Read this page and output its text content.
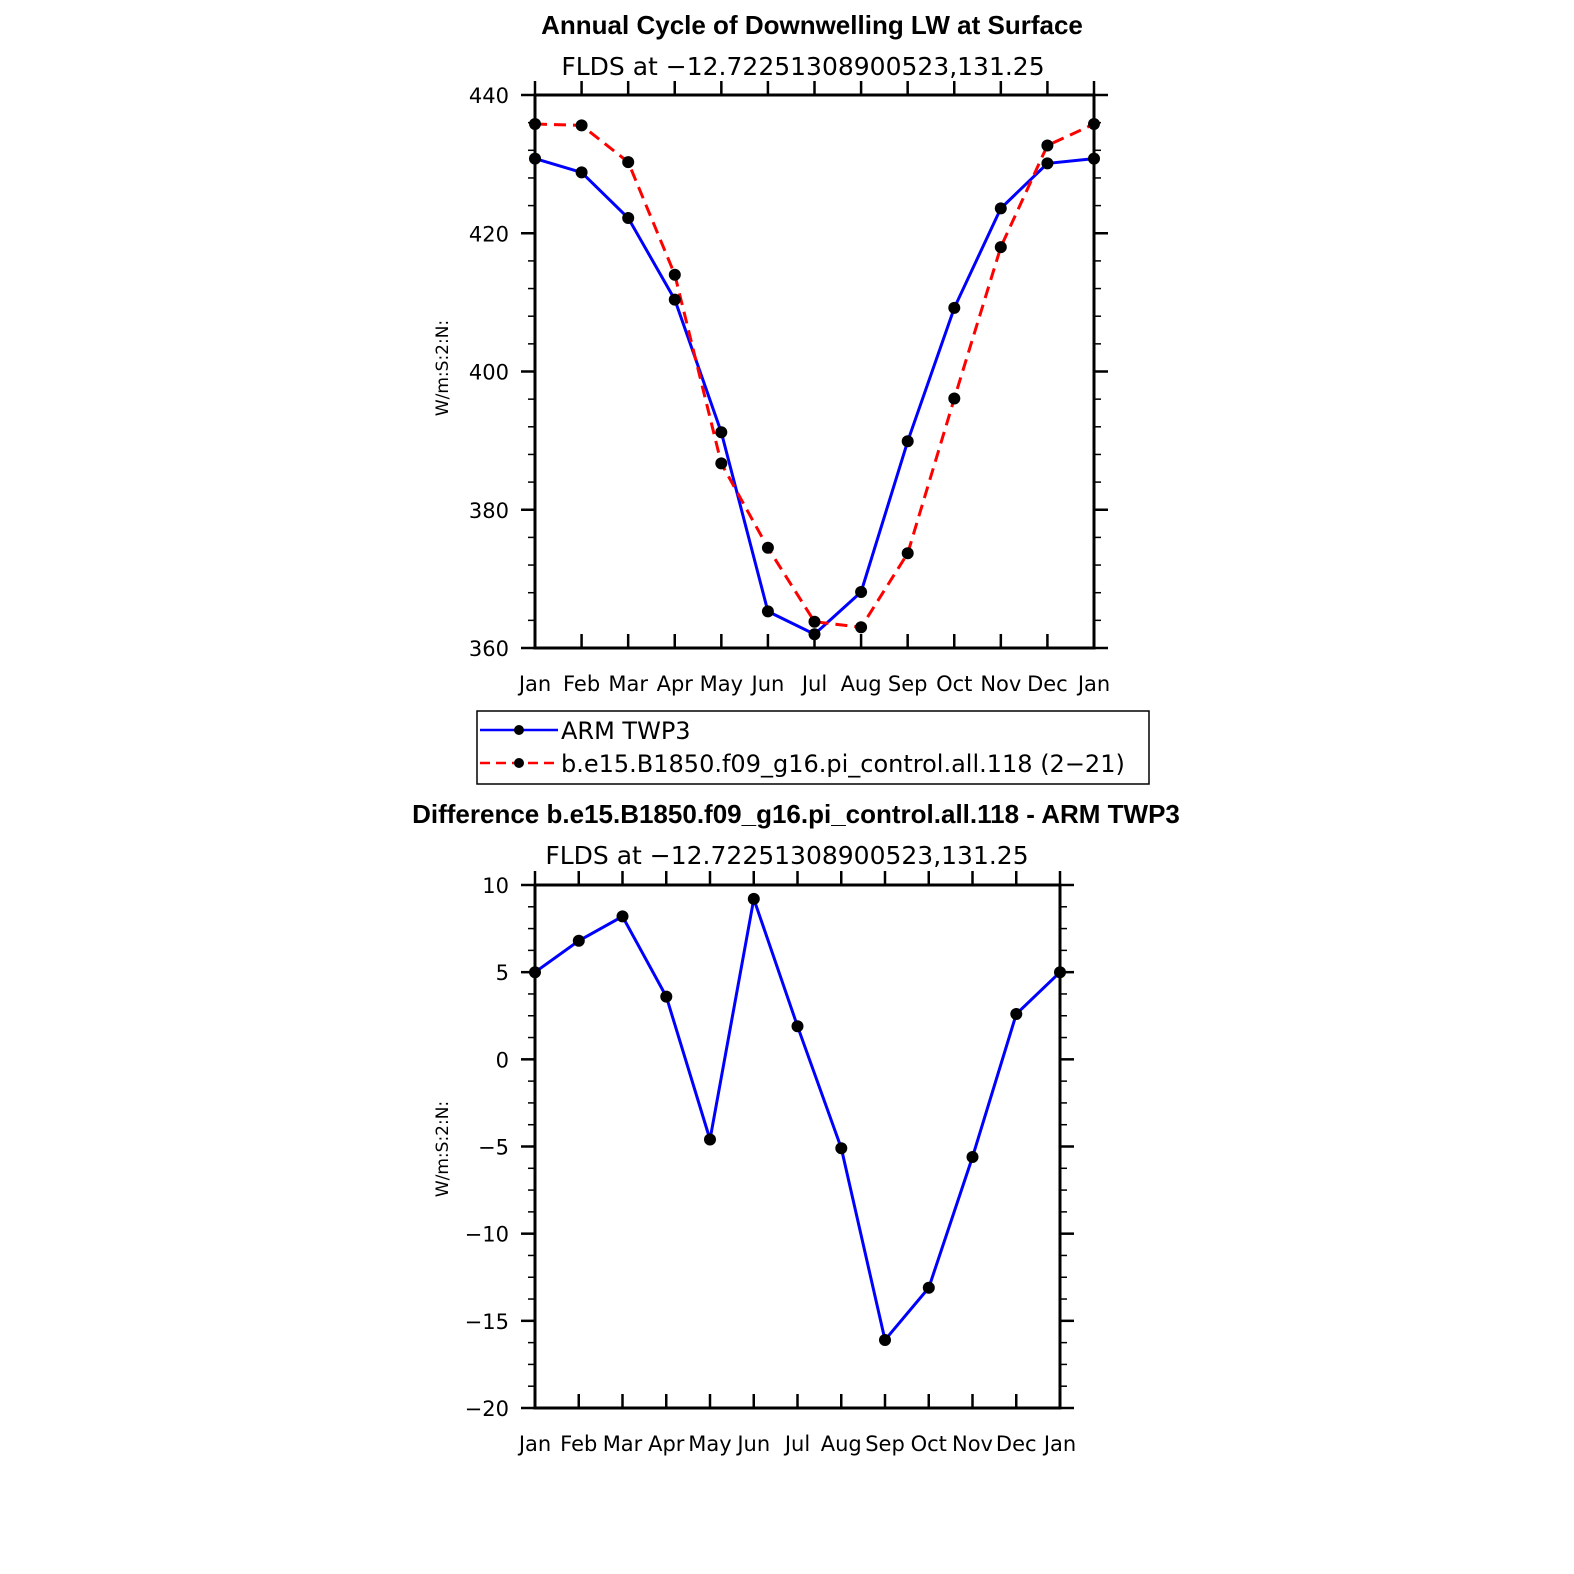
Annual Cycle of Downwelling LW at Surface
FLDS at −12.72251308900523,131.25
W/m:S:2:N:
Jan Feb Mar Apr May Jun Jul Aug Sep Oct Nov Dec Jan
360
380
400
420
440
ARM TWP3
b.e15.B1850.f09_g16.pi_control.all.118 (2−21)
Difference b.e15.B1850.f09_g16.pi_control.all.118 - ARM TWP3
FLDS at −12.72251308900523,131.25
W/m:S:2:N:
Jan Feb Mar Apr May Jun Jul Aug Sep Oct Nov Dec Jan
−20
−15
−10
−5
0
5
10
